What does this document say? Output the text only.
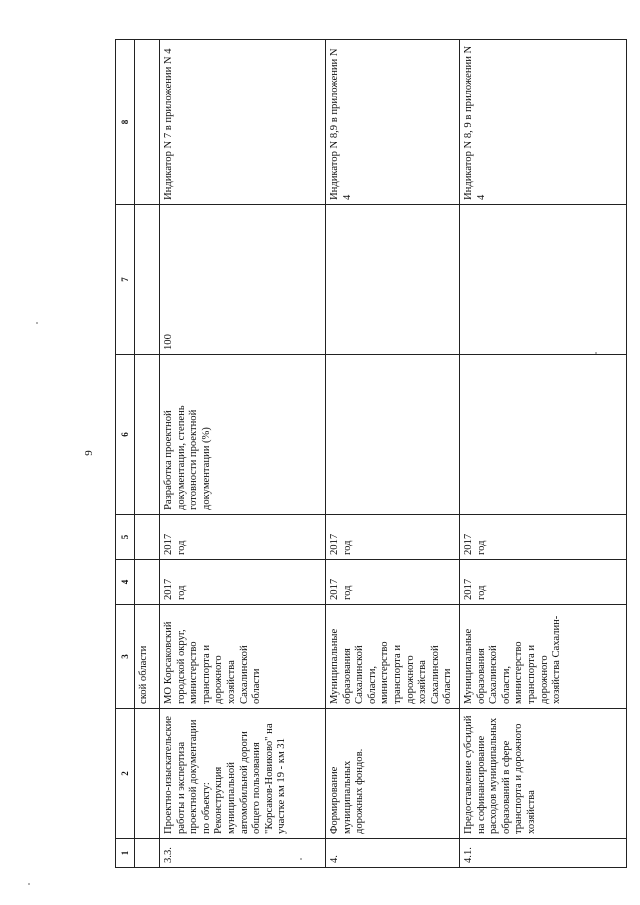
9
1	2	3	4	5	6	7	8
		ской области					
3.3.	Проектно-изыскательские работы и экспертиза проектной документации по объекту: Реконструкция муниципальной автомобильной дороги общего пользования "Корсаков-Новиково" на участке км 19 - км 31	МО Корсаковский городской округ, министерство транспорта и дорожного хозяйства Сахалинской области	2017 год	2017 год	Разработка проектной документации, степень готовности проектной документации (%)	100	Индикатор N 7 в приложении N 4
4.	Формирование муниципальных дорожных фондов.	Муниципальные образования Сахалинской области, министерство транспорта и дорожного хозяйства Сахалинской области	2017 год	2017 год			Индикатор N 8,9 в приложении N 4
4.1.	Предоставление субсидий на софинансирование расходов муниципальных образований в сфере транспорта и дорожного хозяйства	Муниципальные образования Сахалинской области, министерство транспорта и дорожного хозяйства Сахалин-	2017 год	2017 год			Индикатор N 8, 9 в приложении N 4
